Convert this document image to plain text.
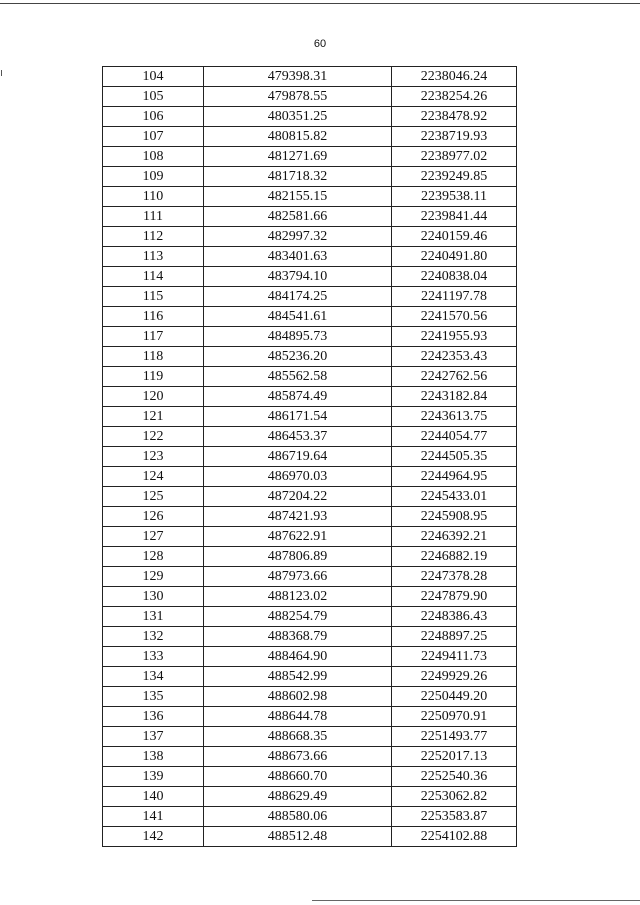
60
104	479398.31	2238046.24
105	479878.55	2238254.26
106	480351.25	2238478.92
107	480815.82	2238719.93
108	481271.69	2238977.02
109	481718.32	2239249.85
110	482155.15	2239538.11
111	482581.66	2239841.44
112	482997.32	2240159.46
113	483401.63	2240491.80
114	483794.10	2240838.04
115	484174.25	2241197.78
116	484541.61	2241570.56
117	484895.73	2241955.93
118	485236.20	2242353.43
119	485562.58	2242762.56
120	485874.49	2243182.84
121	486171.54	2243613.75
122	486453.37	2244054.77
123	486719.64	2244505.35
124	486970.03	2244964.95
125	487204.22	2245433.01
126	487421.93	2245908.95
127	487622.91	2246392.21
128	487806.89	2246882.19
129	487973.66	2247378.28
130	488123.02	2247879.90
131	488254.79	2248386.43
132	488368.79	2248897.25
133	488464.90	2249411.73
134	488542.99	2249929.26
135	488602.98	2250449.20
136	488644.78	2250970.91
137	488668.35	2251493.77
138	488673.66	2252017.13
139	488660.70	2252540.36
140	488629.49	2253062.82
141	488580.06	2253583.87
142	488512.48	2254102.88
